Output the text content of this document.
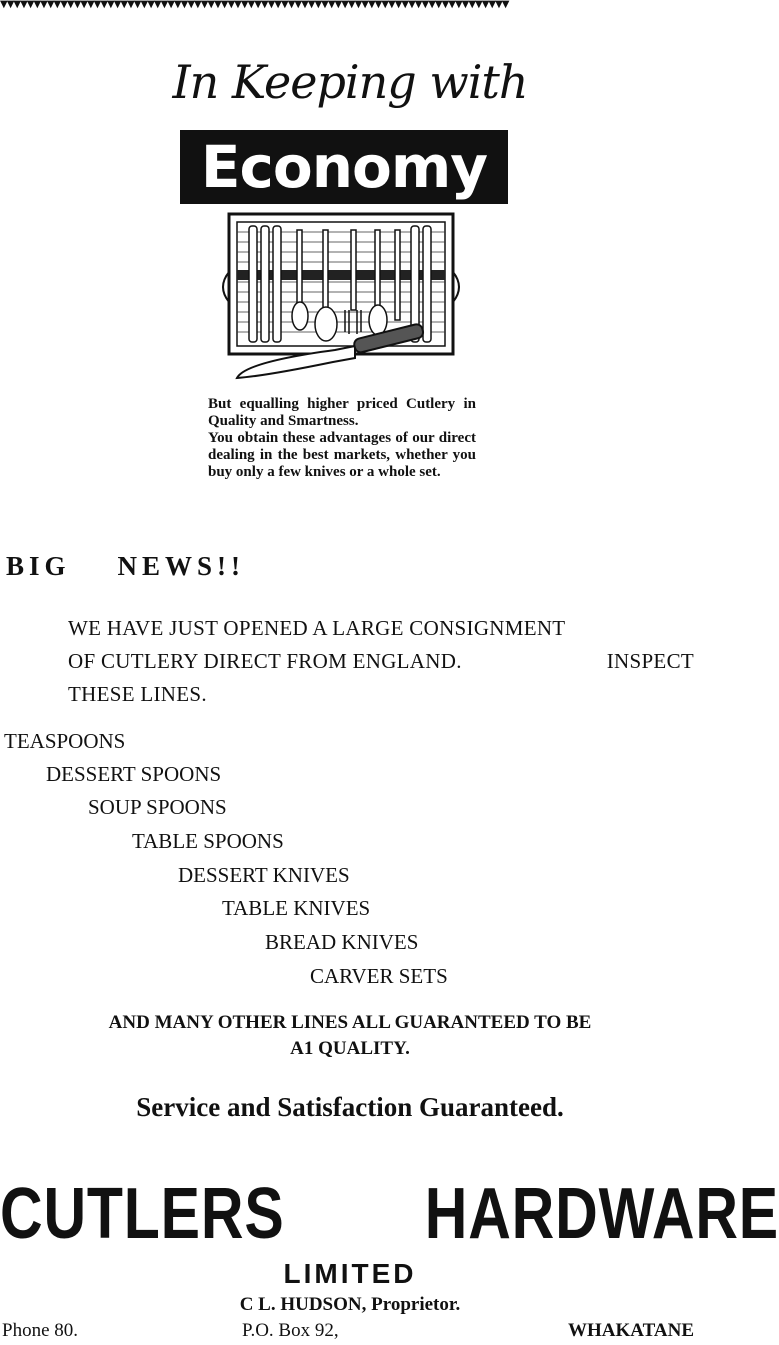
▼▼▼▼▼▼▼▼▼▼▼▼▼▼▼▼▼▼▼▼▼▼▼▼▼▼▼▼▼▼▼▼▼▼▼▼▼▼▼▼▼▼▼▼▼▼▼▼▼▼▼▼▼▼▼▼▼▼▼▼▼▼▼▼▼▼▼▼▼▼▼▼▼▼▼▼
In Keeping with
Economy

But equalling higher priced Cutlery in Quality and Smartness.

You obtain these advantages of our direct dealing in the best markets, whether you buy only a few knives or a whole set.

BIG    NEWS!!
WE HAVE JUST OPENED A LARGE CONSIGNMENT
OF CUTLERY DIRECT FROM ENGLAND.	INSPECT
THESE LINES.
TEASPOONS
DESSERT SPOONS
SOUP SPOONS
TABLE SPOONS
DESSERT KNIVES
TABLE KNIVES
BREAD KNIVES
CARVER SETS
AND MANY OTHER LINES ALL GUARANTEED TO BE
A1 QUALITY.
Service and Satisfaction Guaranteed.
CUTLERS HARDWARE
LIMITED
C L. HUDSON, Proprietor.
Phone 80.	P.O. Box 92,	WHAKATANE
